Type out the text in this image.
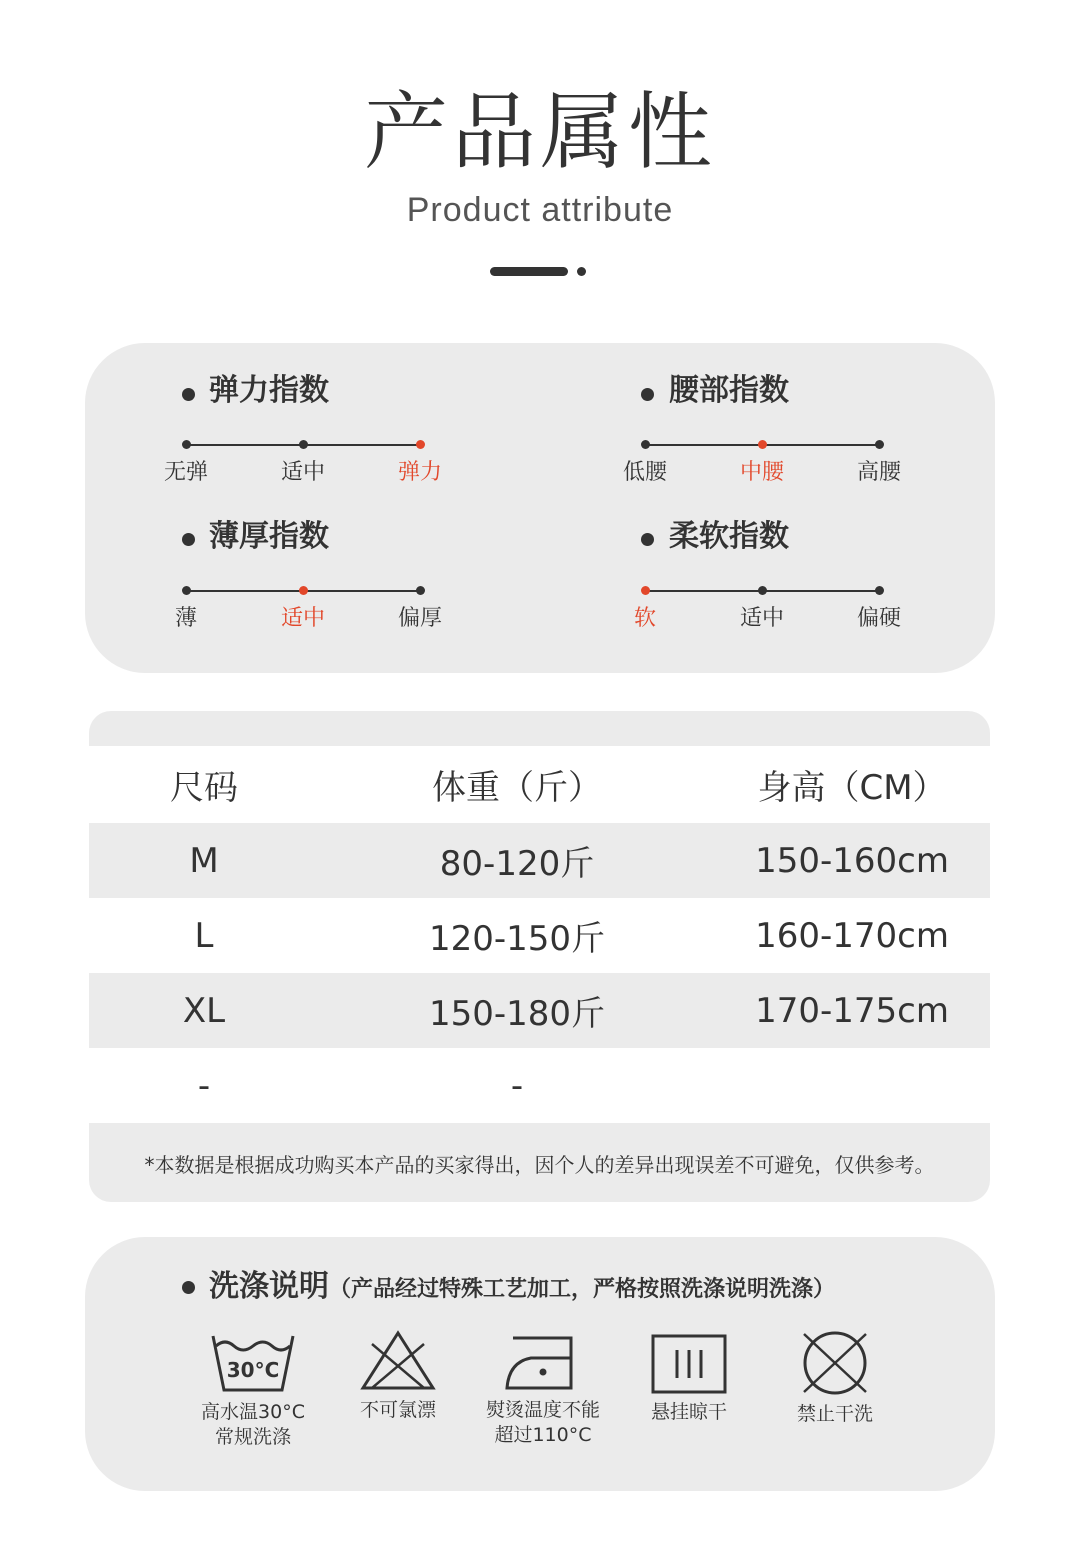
产品属性
Product attribute
弹力指数
无弹	适中	弹力
腰部指数
低腰	中腰	高腰
薄厚指数
薄	适中	偏厚
柔软指数
软	适中	偏硬
尺码	体重（斤）	身高（CM）
M	80-120斤	150-160cm
L	120-150斤	160-170cm
XL	150-180斤	170-175cm
-	-
*本数据是根据成功购买本产品的买家得出，因个人的差异出现误差不可避免，仅供参考。
洗涤说明（产品经过特殊工艺加工，严格按照洗涤说明洗涤）
30°C
高水温30°C
常规洗涤
不可氯漂	熨烫温度不能
超过110°C
悬挂晾干	禁止干洗
